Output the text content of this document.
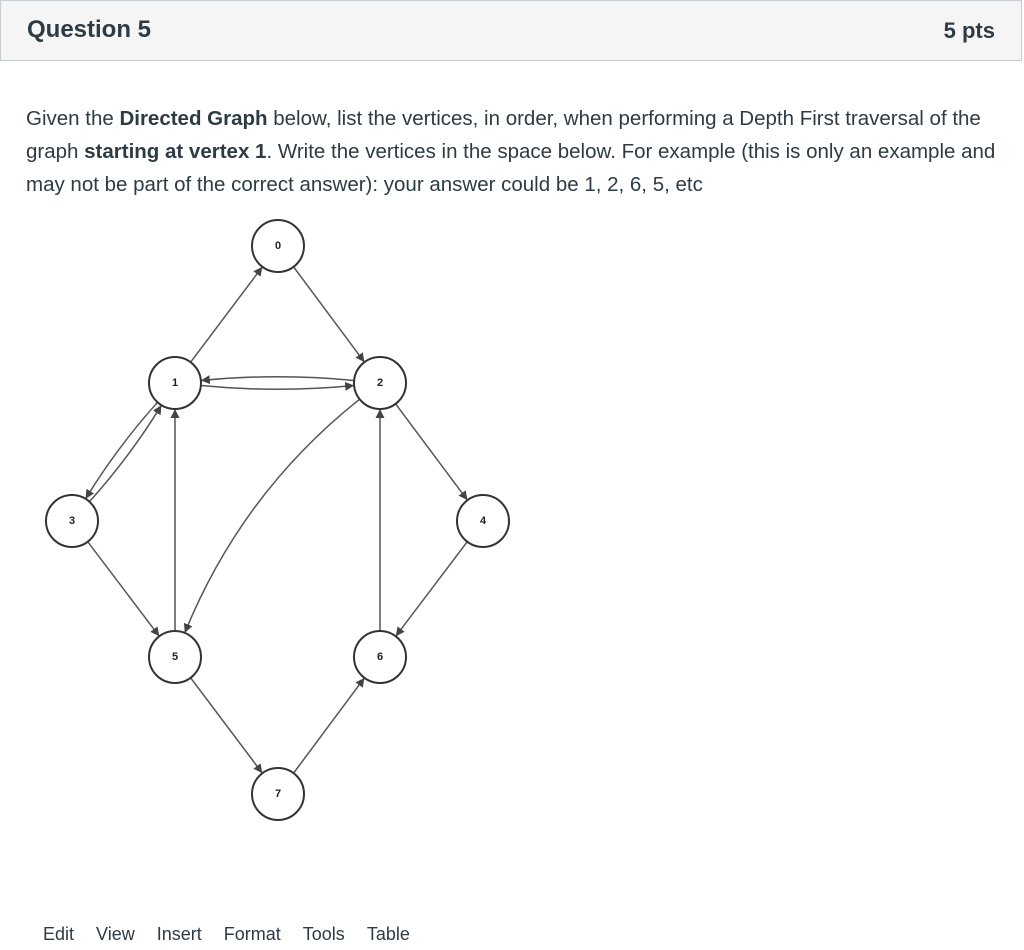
Question 5	5 pts

Given the Directed Graph below, list the vertices, in order, when performing a Depth First traversal of the graph starting at vertex 1. Write the vertices in the space below. For example (this is only an example and may not be part of the correct answer): your answer could be 1, 2, 6, 5, etc

0
1	2
3	4
5	6
7
Edit	View	Insert	Format	Tools	Table
